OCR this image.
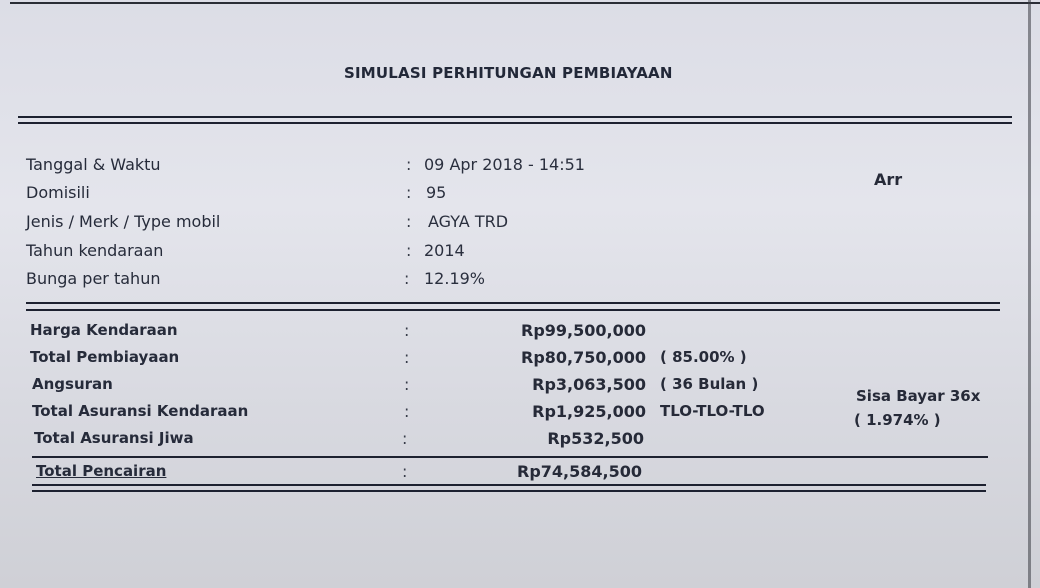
SIMULASI PERHITUNGAN PEMBIAYAAN
Tanggal & Waktu	: 09 Apr 2018 - 14:51
Domisili	: 95
Jenis / Merk / Type mobil	: AGYA TRD
Tahun kendaraan	: 2014
Bunga per tahun	: 12.19%
Arr
Harga Kendaraan	:	Rp99,500,000
Total Pembiayaan	:	Rp80,750,000 ( 85.00% )
Angsuran	:	Rp3,063,500 ( 36 Bulan )
Total Asuransi Kendaraan	:	Rp1,925,000 TLO-TLO-TLO
Total Asuransi Jiwa	:	Rp532,500
Sisa Bayar 36x
( 1.974% )
Total Pencairan	:	Rp74,584,500
